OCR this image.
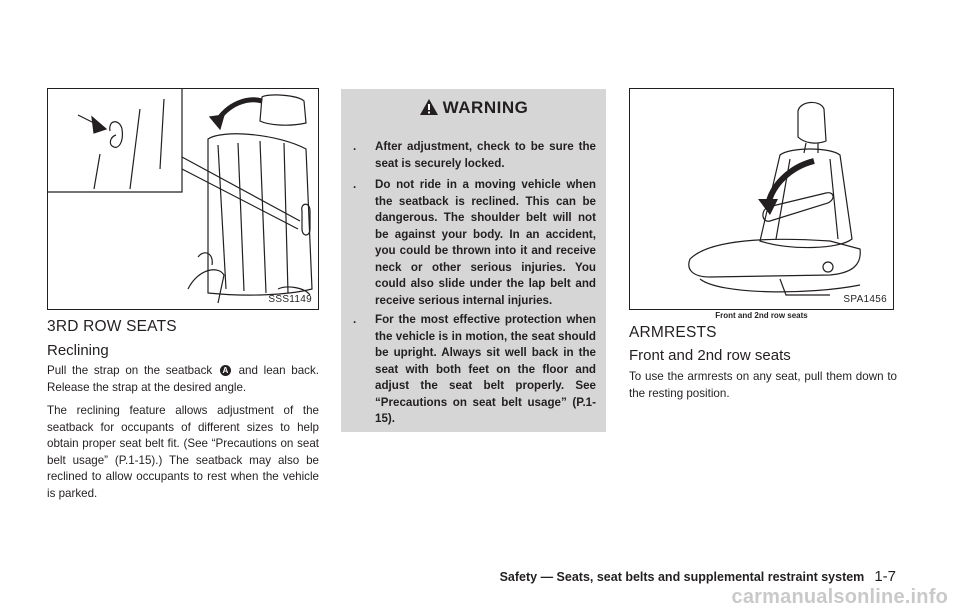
SSS1149
3RD ROW SEATS
Reclining

Pull the strap on the seatback A and lean back. Release the strap at the desired angle.

The reclining feature allows adjustment of the seatback for occupants of different sizes to help obtain proper seat belt fit. (See “Precautions on seat belt usage” (P.1-15).) The seatback may also be reclined to allow occupants to rest when the vehicle is parked.

WARNING
. After adjustment, check to be sure the seat is securely locked.
. Do not ride in a moving vehicle when the seatback is reclined. This can be dangerous. The shoulder belt will not be against your body. In an accident, you could be thrown into it and receive neck or other serious injuries. You could also slide under the lap belt and receive serious internal injuries.
. For the most effective protection when the vehicle is in motion, the seat should be upright. Always sit well back in the seat with both feet on the floor and adjust the seat belt properly. See “Precautions on seat belt usage” (P.1-15).
SPA1456
Front and 2nd row seats
ARMRESTS
Front and 2nd row seats

To use the armrests on any seat, pull them down to the resting position.

Safety — Seats, seat belts and supplemental restraint system 1-7
carmanualsonline.info
